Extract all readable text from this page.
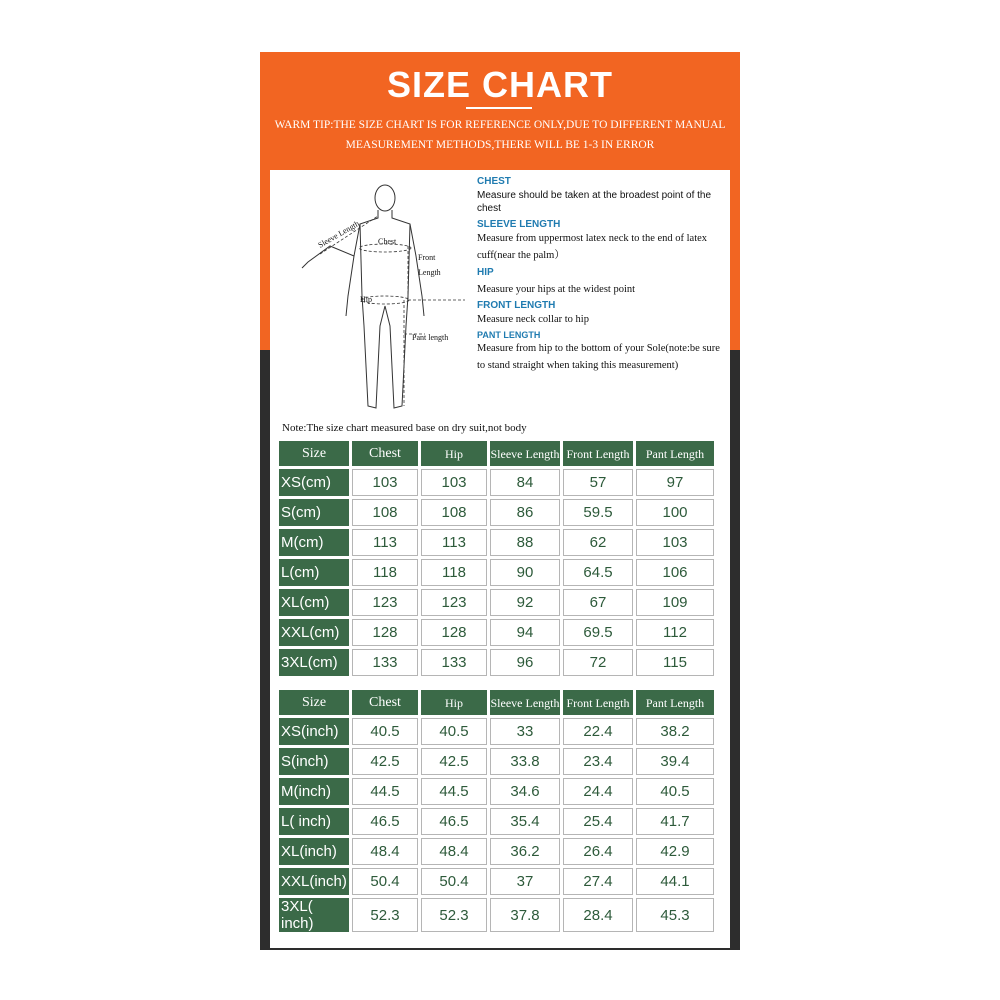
SIZE CHART
WARM TIP:THE SIZE CHART IS FOR REFERENCE ONLY,DUE TO DIFFERENT MANUAL MEASUREMENT METHODS,THERE WILL BE 1-3 IN ERROR
Sleeve Length Chest
Front
Length
Hip
Pant length
CHEST
Measure should be taken at the broadest point of the chest
SLEEVE LENGTH
Measure from uppermost latex neck to the end of latex cuff(near the palm）
HIP
Measure your hips at the widest point
FRONT LENGTH
Measure neck collar to hip
PANT LENGTH
Measure from hip to the bottom of your Sole(note:be sure to stand straight when taking this measurement)
Note:The size chart measured base on dry suit,not body
Size	Chest	Hip	Sleeve Length	Front Length	Pant Length
XS(cm)	103	103	84	57	97
S(cm)	108	108	86	59.5	100
M(cm)	113	113	88	62	103
L(cm)	118	118	90	64.5	106
XL(cm)	123	123	92	67	109
XXL(cm)	128	128	94	69.5	112
3XL(cm)	133	133	96	72	115
Size	Chest	Hip	Sleeve Length	Front Length	Pant Length
XS(inch)	40.5	40.5	33	22.4	38.2
S(inch)	42.5	42.5	33.8	23.4	39.4
M(inch)	44.5	44.5	34.6	24.4	40.5
L( inch)	46.5	46.5	35.4	25.4	41.7
XL(inch)	48.4	48.4	36.2	26.4	42.9
XXL(inch)	50.4	50.4	37	27.4	44.1
3XL( inch)	52.3	52.3	37.8	28.4	45.3
